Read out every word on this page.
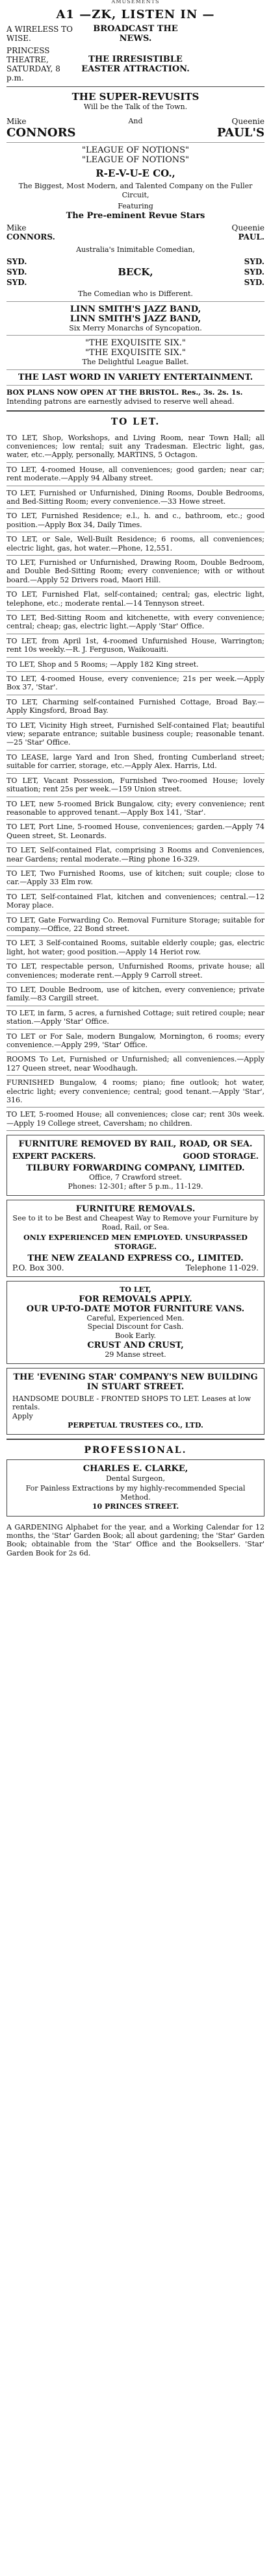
AMUSEMENTS
A1 —ZK, LISTEN IN —
A WIRELESS TO WISE.
BROADCAST THE NEWS.
PRINCESS THEATRE, SATURDAY, 8 p.m.
THE IRRESISTIBLE EASTER ATTRACTION.
THE SUPER-REVUSITS
Will be the Talk of the Town.
Mike	And	Queenie
CONNORS	PAUL'S
"LEAGUE OF NOTIONS"
"LEAGUE OF NOTIONS"
R-E-V-U-E CO.,
The Biggest, Most Modern, and Talented Company on the Fuller Circuit,
Featuring
The Pre-eminent Revue Stars
Mike	Queenie
CONNORS.	PAUL.
Australia's Inimitable Comedian,
SYD.	SYD.
SYD.	BECK,	SYD.
SYD.	SYD.
The Comedian who is Different.
LINN SMITH'S JAZZ BAND,
LINN SMITH'S JAZZ BAND,
Six Merry Monarchs of Syncopation.
"THE EXQUISITE SIX."
"THE EXQUISITE SIX."
The Delightful League Ballet.
THE LAST WORD IN VARIETY ENTERTAINMENT.
BOX PLANS NOW OPEN AT THE BRISTOL. Res., 3s. 2s. 1s.
Intending patrons are earnestly advised to reserve well ahead.
TO LET.

TO LET, Shop, Workshops, and Living Room, near Town Hall; all conveniences; low rental; suit any Tradesman. Electric light, gas, water, etc.—Apply, personally, MARTINS, 5 Octagon.

TO LET, 4-roomed House, all conveniences; good garden; near car; rent moderate.—Apply 94 Albany street.

TO LET, Furnished or Unfurnished, Dining Rooms, Double Bedrooms, and Bed-Sitting Room; every convenience.—33 Howe street.

TO LET, Furnished Residence; e.l., h. and c., bathroom, etc.; good position.—Apply Box 34, Daily Times.

TO LET, or Sale, Well-Built Residence; 6 rooms, all conveniences; electric light, gas, hot water.—Phone, 12,551.

TO LET, Furnished or Unfurnished, Drawing Room, Double Bedroom, and Double Bed-Sitting Room; every convenience; with or without board.—Apply 52 Drivers road, Maori Hill.

TO LET, Furnished Flat, self-contained; central; gas, electric light, telephone, etc.; moderate rental.—14 Tennyson street.

TO LET, Bed-Sitting Room and kitchenette, with every convenience; central; cheap; gas, electric light.—Apply 'Star' Office.

TO LET, from April 1st, 4-roomed Unfurnished House, Warrington; rent 10s weekly.—R. J. Ferguson, Waikouaiti.

TO LET, Shop and 5 Rooms; —Apply 182 King street.

TO LET, 4-roomed House, every convenience; 21s per week.—Apply Box 37, 'Star'.

TO LET, Charming self-contained Furnished Cottage, Broad Bay.—Apply Kingsford, Broad Bay.

TO LET, Vicinity High street, Furnished Self-contained Flat; beautiful view; separate entrance; suitable business couple; reasonable tenant.—25 'Star' Office.

TO LEASE, large Yard and Iron Shed, fronting Cumberland street; suitable for carrier, storage, etc.—Apply Alex. Harris, Ltd.

TO LET, Vacant Possession, Furnished Two-roomed House; lovely situation; rent 25s per week.—159 Union street.

TO LET, new 5-roomed Brick Bungalow, city; every convenience; rent reasonable to approved tenant.—Apply Box 141, 'Star'.

TO LET, Port Line, 5-roomed House, conveniences; garden.—Apply 74 Queen street, St. Leonards.

TO LET, Self-contained Flat, comprising 3 Rooms and Conveniences, near Gardens; rental moderate.—Ring phone 16-329.

TO LET, Two Furnished Rooms, use of kitchen; suit couple; close to car.—Apply 33 Elm row.

TO LET, Self-contained Flat, kitchen and conveniences; central.—12 Moray place.

TO LET, Gate Forwarding Co. Removal Furniture Storage; suitable for company.—Office, 22 Bond street.

TO LET, 3 Self-contained Rooms, suitable elderly couple; gas, electric light, hot water; good position.—Apply 14 Heriot row.

TO LET, respectable person, Unfurnished Rooms, private house; all conveniences; moderate rent.—Apply 9 Carroll street.

TO LET, Double Bedroom, use of kitchen, every convenience; private family.—83 Cargill street.

TO LET, in farm, 5 acres, a furnished Cottage; suit retired couple; near station.—Apply 'Star' Office.

TO LET or For Sale, modern Bungalow, Mornington, 6 rooms; every convenience.—Apply 299, 'Star' Office.

ROOMS To Let, Furnished or Unfurnished; all conveniences.—Apply 127 Queen street, near Woodhaugh.

FURNISHED Bungalow, 4 rooms; piano; fine outlook; hot water, electric light; every convenience; central; good tenant.—Apply 'Star', 316.

TO LET, 5-roomed House; all conveniences; close car; rent 30s week.—Apply 19 College street, Caversham; no children.

FURNITURE REMOVED BY RAIL, ROAD, OR SEA.
EXPERT PACKERS.	GOOD STORAGE.
TILBURY FORWARDING COMPANY, LIMITED.
Office, 7 Crawford street.
Phones: 12-301; after 5 p.m., 11-129.
FURNITURE REMOVALS.
See to it to be Best and Cheapest Way to Remove your Furniture by Road, Rail, or Sea.
ONLY EXPERIENCED MEN EMPLOYED. UNSURPASSED STORAGE.
THE NEW ZEALAND EXPRESS CO., LIMITED.
P.O. Box 300.	Telephone 11-029.
TO LET,
FOR REMOVALS APPLY.
OUR UP-TO-DATE MOTOR FURNITURE VANS.
Careful, Experienced Men.
Special Discount for Cash.
Book Early.
CRUST AND CRUST,
29 Manse street.
THE 'EVENING STAR' COMPANY'S NEW BUILDING IN STUART STREET.
HANDSOME DOUBLE - FRONTED SHOPS TO LET. Leases at low rentals.
Apply
PERPETUAL TRUSTEES CO., LTD.
PROFESSIONAL.
CHARLES E. CLARKE,
Dental Surgeon,
For Painless Extractions by my highly-recommended Special Method.
10 PRINCES STREET.
A GARDENING Alphabet for the year, and a Working Calendar for 12 months, the 'Star' Garden Book; all about gardening; the 'Star' Garden Book; obtainable from the 'Star' Office and the Booksellers. 'Star' Garden Book for 2s 6d.
